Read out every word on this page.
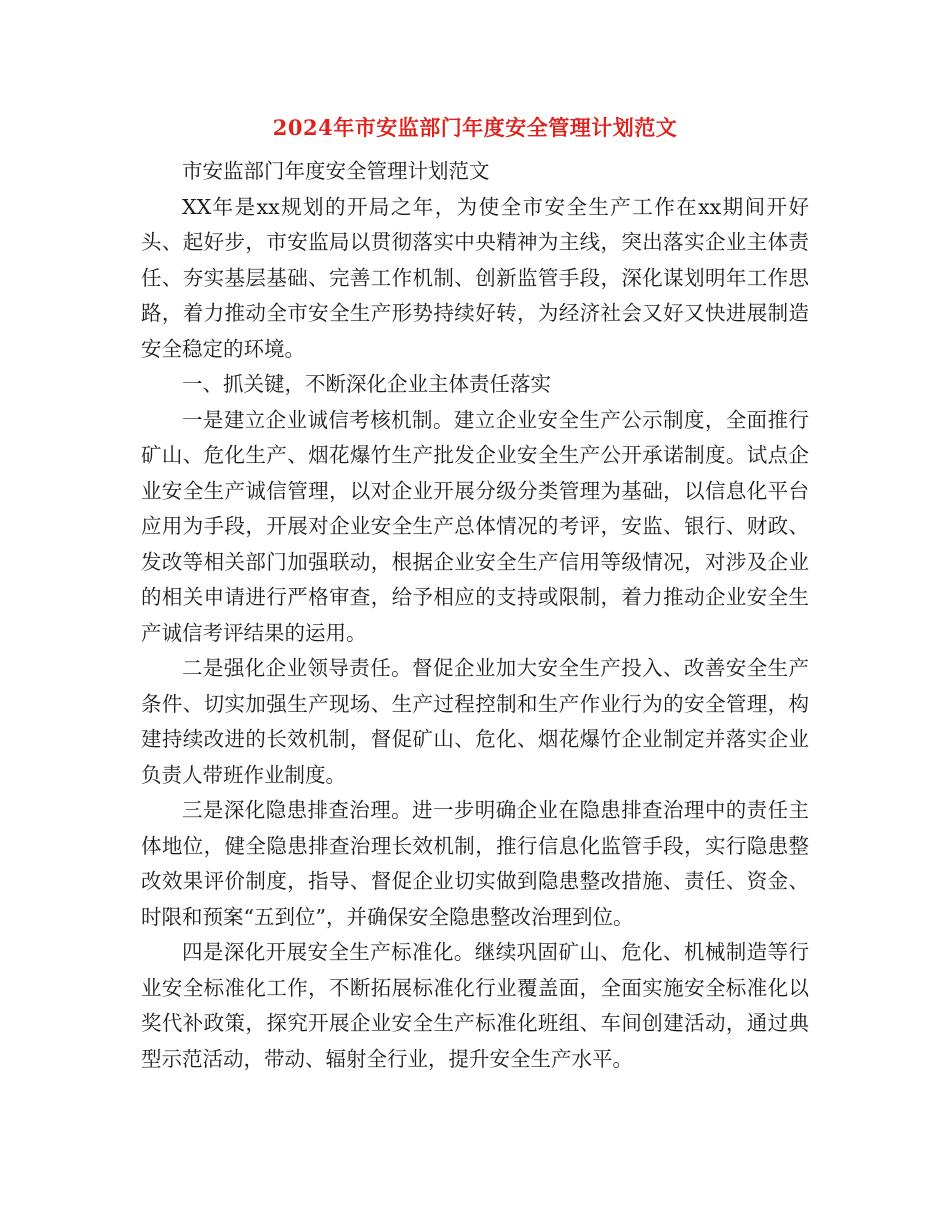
2024年市安监部门年度安全管理计划范文

市安监部门年度安全管理计划范文

XX年是xx规划的开局之年，为使全市安全生产工作在xx期间开好头、起好步，市安监局以贯彻落实中央精神为主线，突出落实企业主体责任、夯实基层基础、完善工作机制、创新监管手段，深化谋划明年工作思路，着力推动全市安全生产形势持续好转，为经济社会又好又快进展制造安全稳定的环境。

一、抓关键，不断深化企业主体责任落实

一是建立企业诚信考核机制。建立企业安全生产公示制度，全面推行矿山、危化生产、烟花爆竹生产批发企业安全生产公开承诺制度。试点企业安全生产诚信管理，以对企业开展分级分类管理为基础，以信息化平台应用为手段，开展对企业安全生产总体情况的考评，安监、银行、财政、发改等相关部门加强联动，根据企业安全生产信用等级情况，对涉及企业的相关申请进行严格审查，给予相应的支持或限制，着力推动企业安全生产诚信考评结果的运用。

二是强化企业领导责任。督促企业加大安全生产投入、改善安全生产条件、切实加强生产现场、生产过程控制和生产作业行为的安全管理，构建持续改进的长效机制，督促矿山、危化、烟花爆竹企业制定并落实企业负责人带班作业制度。

三是深化隐患排查治理。进一步明确企业在隐患排查治理中的责任主体地位，健全隐患排查治理长效机制，推行信息化监管手段，实行隐患整改效果评价制度，指导、督促企业切实做到隐患整改措施、责任、资金、时限和预案“五到位”，并确保安全隐患整改治理到位。

四是深化开展安全生产标准化。继续巩固矿山、危化、机械制造等行业安全标准化工作，不断拓展标准化行业覆盖面，全面实施安全标准化以奖代补政策，探究开展企业安全生产标准化班组、车间创建活动，通过典型示范活动，带动、辐射全行业，提升安全生产水平。
